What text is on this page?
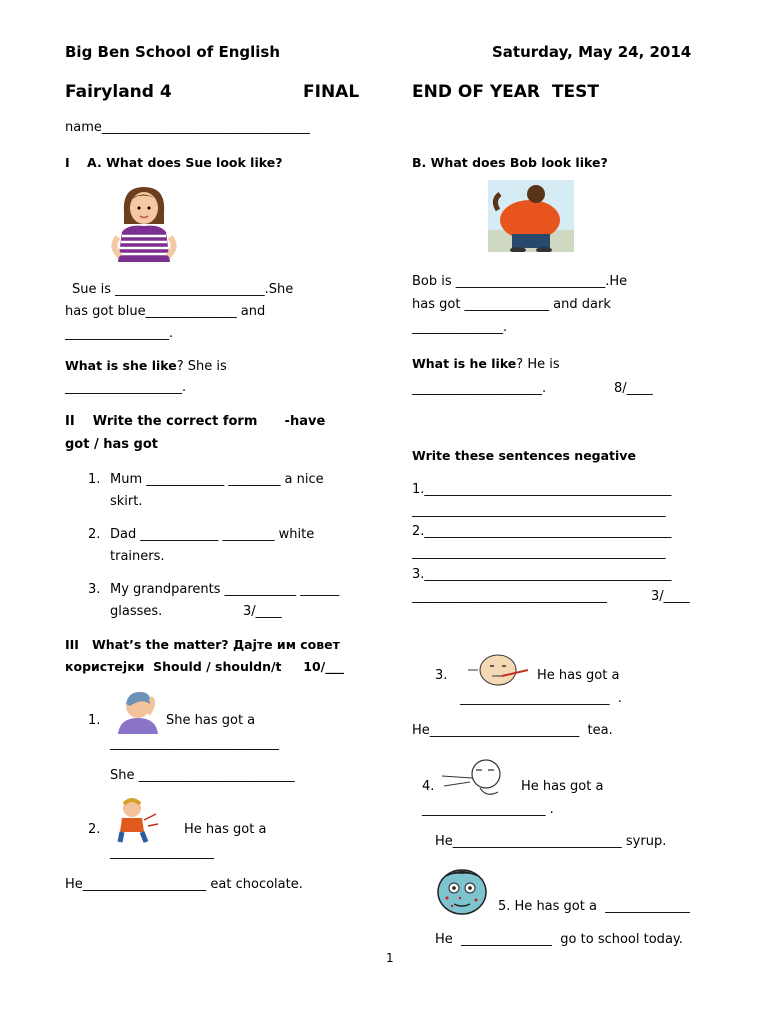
Big Ben School of English	Saturday, May 24, 2014
Fairyland 4	FINAL	END OF YEAR  TEST
name________________________________
I    A. What does Sue look like?	B. What does Bob look like?
Sue is _______________________.She
has got blue______________ and
________________.
What is she like? She is
__________________.
Bob is _______________________.He
has got _____________ and dark
______________.
What is he like? He is
____________________.	8/____
II    Write the correct form      -have
got / has got
1. Mum ____________ ________ a nice
skirt.
2. Dad ____________ ________ white
trainers.
3. My grandparents ___________ ______
glasses.	3/____
Write these sentences negative
1.______________________________________
_______________________________________
2.______________________________________
_______________________________________
3.______________________________________
______________________________	3/____
III   What’s the matter? Дајте им совет
користејки  Should / shouldn/t     10/___
1.	She has got a
__________________________
She ________________________
2.	He has got a
________________
He___________________ eat chocolate.
3.	He has got a
_______________________  .
He_______________________  tea.
4.	He has got a
___________________ .
He__________________________ syrup.
5. He has got a  _____________
He  ______________  go to school today.
1
